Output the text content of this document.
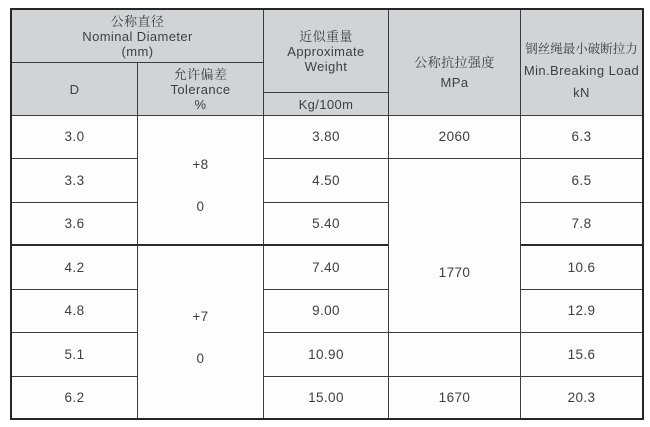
公称直径
Nominal Diameter
(mm)
D
允许偏差
Tolerance
%
近似重量
Approximate
Weight
Kg/100m
公称抗拉强度
MPa
钢丝绳最小破断拉力
Min.Breaking Load
kN
3.0
3.3
3.6
4.2
4.8
5.1
6.2
+8
0
+7
0
3.80
4.50
5.40
7.40
9.00
10.90
15.00
2060
1770
1670
6.3
6.5
7.8
10.6
12.9
15.6
20.3
